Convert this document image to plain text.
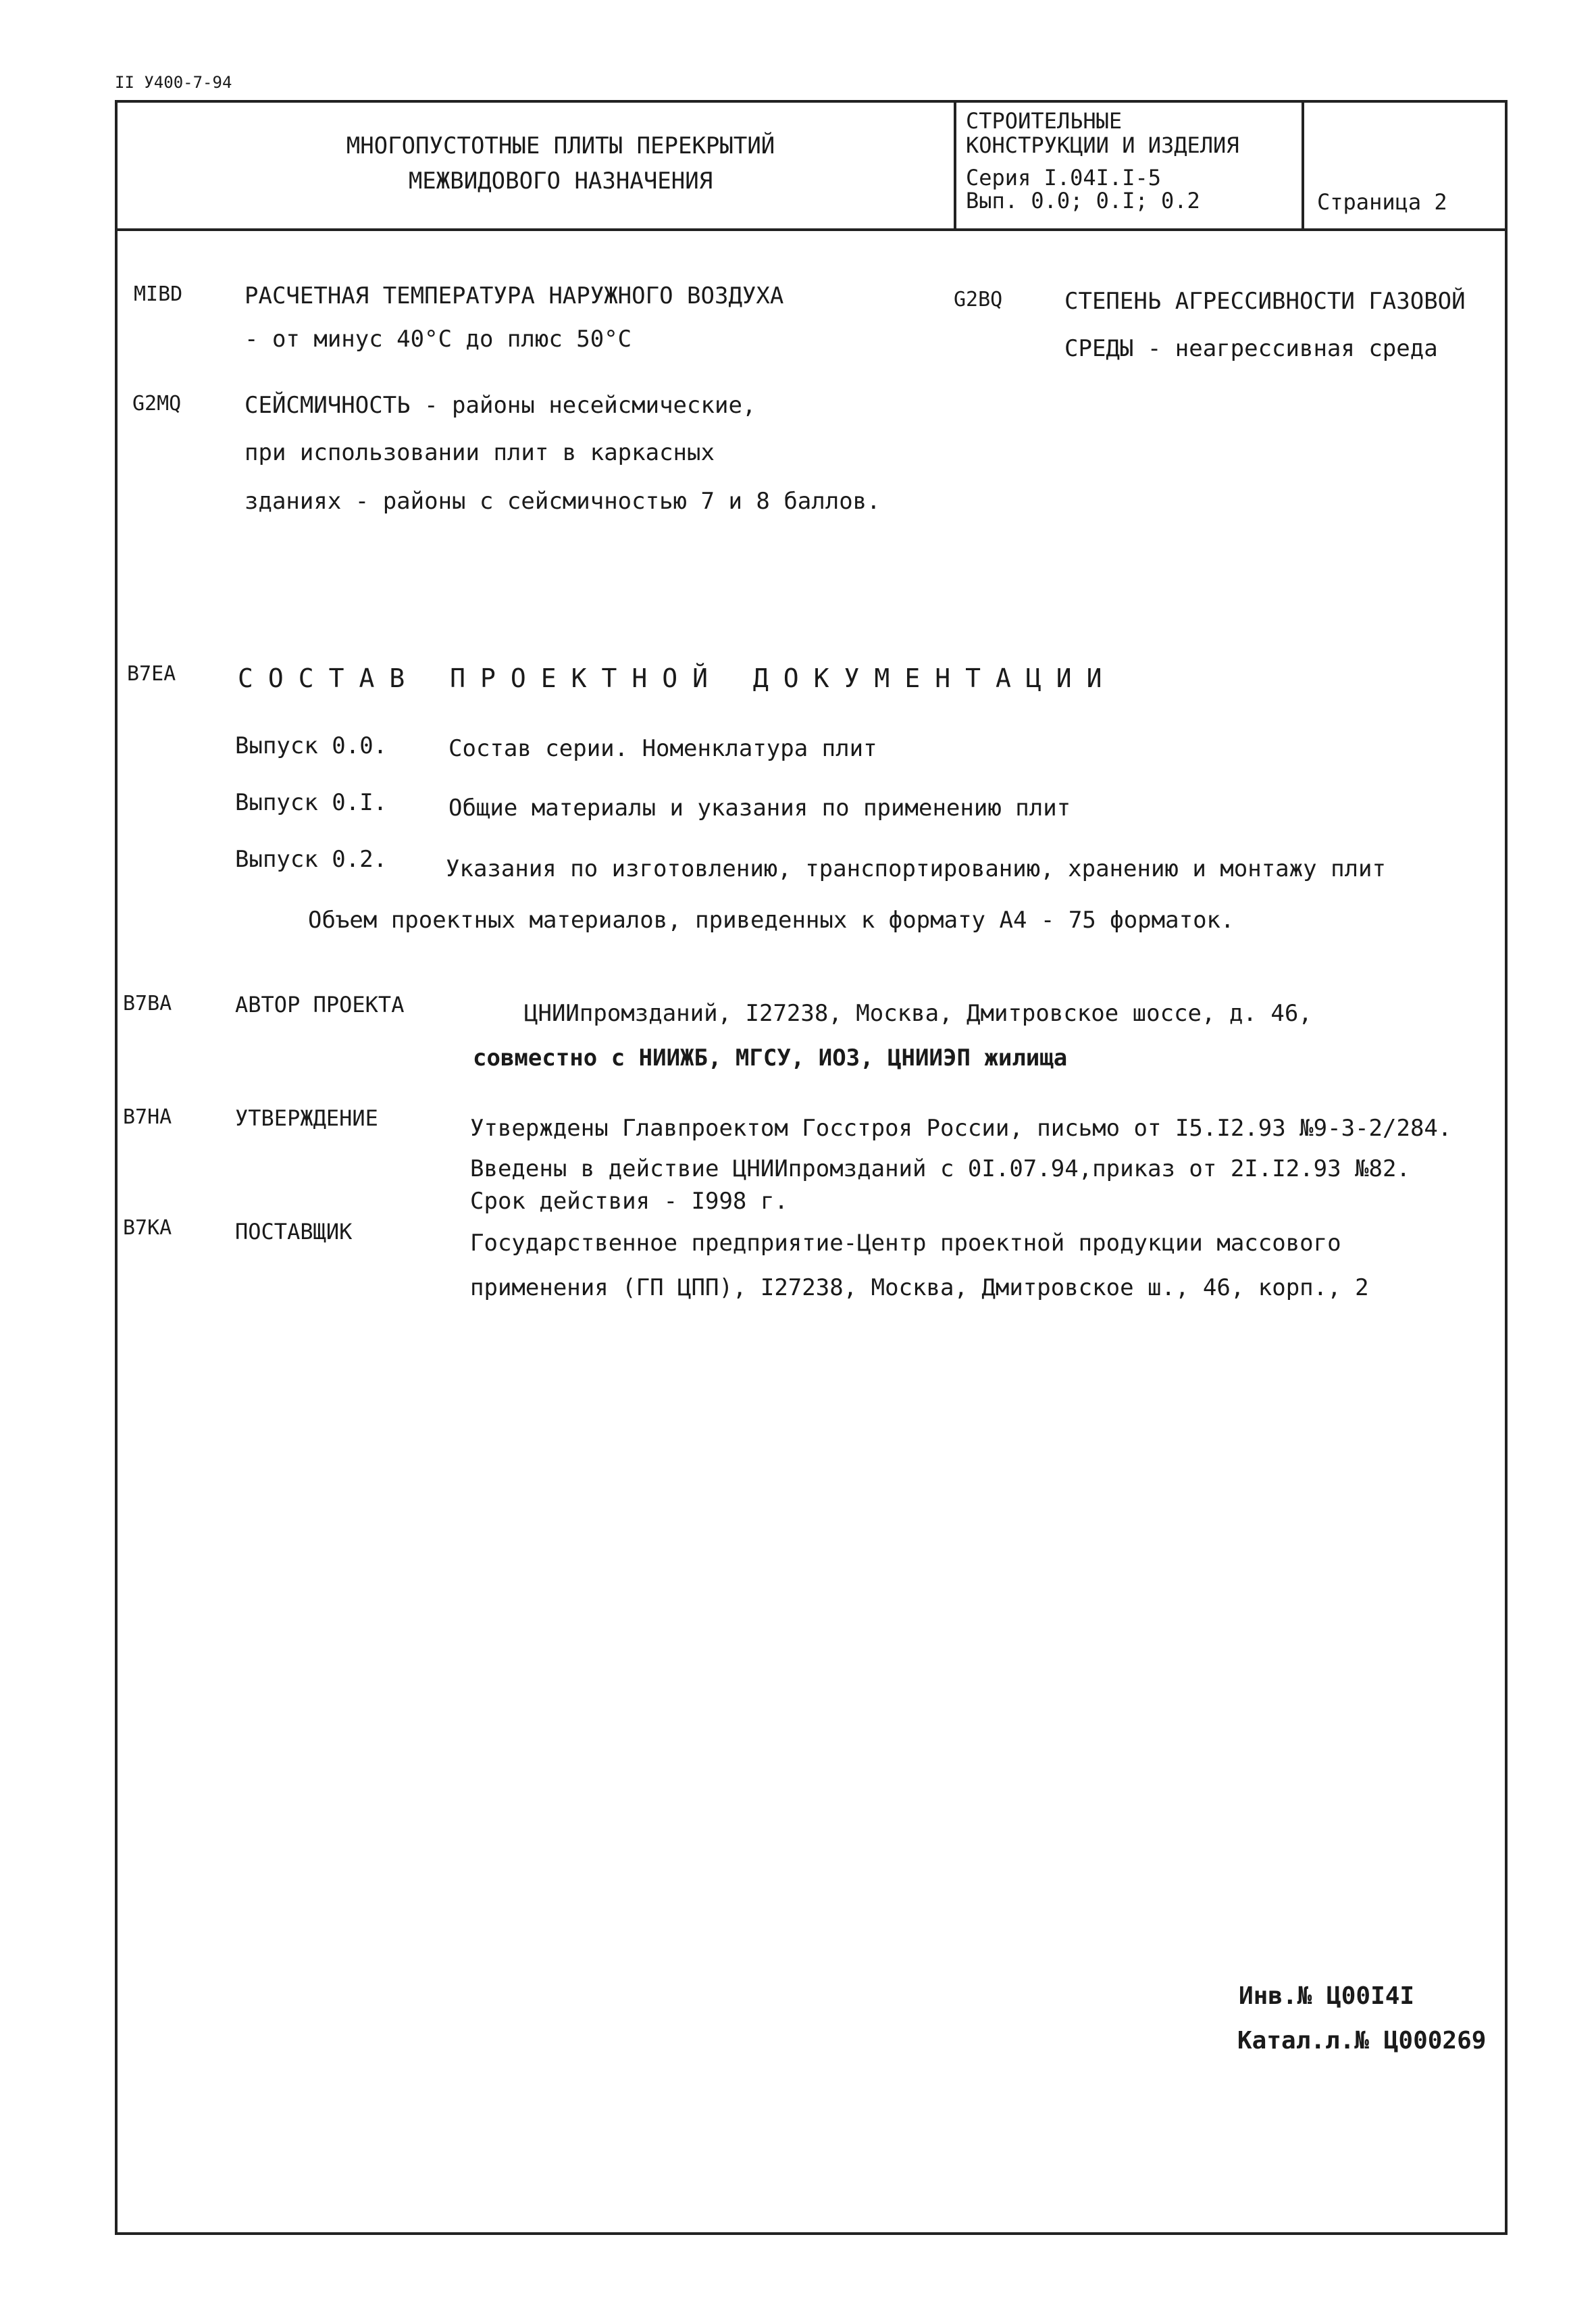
II У400-7-94
МНОГОПУСТОТНЫЕ ПЛИТЫ ПЕРЕКРЫТИЙ
МЕЖВИДОВОГО НАЗНАЧЕНИЯ
СТРОИТЕЛЬНЫЕ
КОНСТРУКЦИИ И ИЗДЕЛИЯ
Серия I.04I.I-5
Вып. 0.0; 0.I; 0.2	Страница 2
MIBD	РАСЧЕТНАЯ ТЕМПЕРАТУРА НАРУЖНОГО ВОЗДУХА
- от минус 40°C до плюс 50°C
G2BQ	СТЕПЕНЬ АГРЕССИВНОСТИ ГАЗОВОЙ
СРЕДЫ - неагрессивная среда
G2MQ	СЕЙСМИЧНОСТЬ - районы несейсмические,
при использовании плит в каркасных
зданиях - районы с сейсмичностью 7 и 8 баллов.
B7EA СОСТАВ ПРОЕКТНОЙ ДОКУМЕНТАЦИИ
Выпуск 0.0.	Состав серии. Номенклатура плит
Выпуск 0.I.	Общие материалы и указания по применению плит
Выпуск 0.2.	Указания по изготовлению, транспортированию, хранению и монтажу плит
Объем проектных материалов, приведенных к формату А4 - 75 форматок.
B7BA	АВТОР ПРОЕКТА	ЦНИИпромзданий, I27238, Москва, Дмитровское шоссе, д. 46,
совместно с НИИЖБ, МГСУ, ИОЗ, ЦНИИЭП жилища
B7HA	УТВЕРЖДЕНИЕ	Утверждены Главпроектом Госстроя России, письмо от I5.I2.93 №9-3-2/284.
Введены в действие ЦНИИпромзданий с 0I.07.94,приказ от 2I.I2.93 №82.
Срок действия - I998 г.
B7KA	ПОСТАВЩИК	Государственное предприятие-Центр проектной продукции массового
применения (ГП ЦПП), I27238, Москва, Дмитровское ш., 46, корп., 2
Инв.№ Ц00I4I
Катал.л.№ Ц000269
